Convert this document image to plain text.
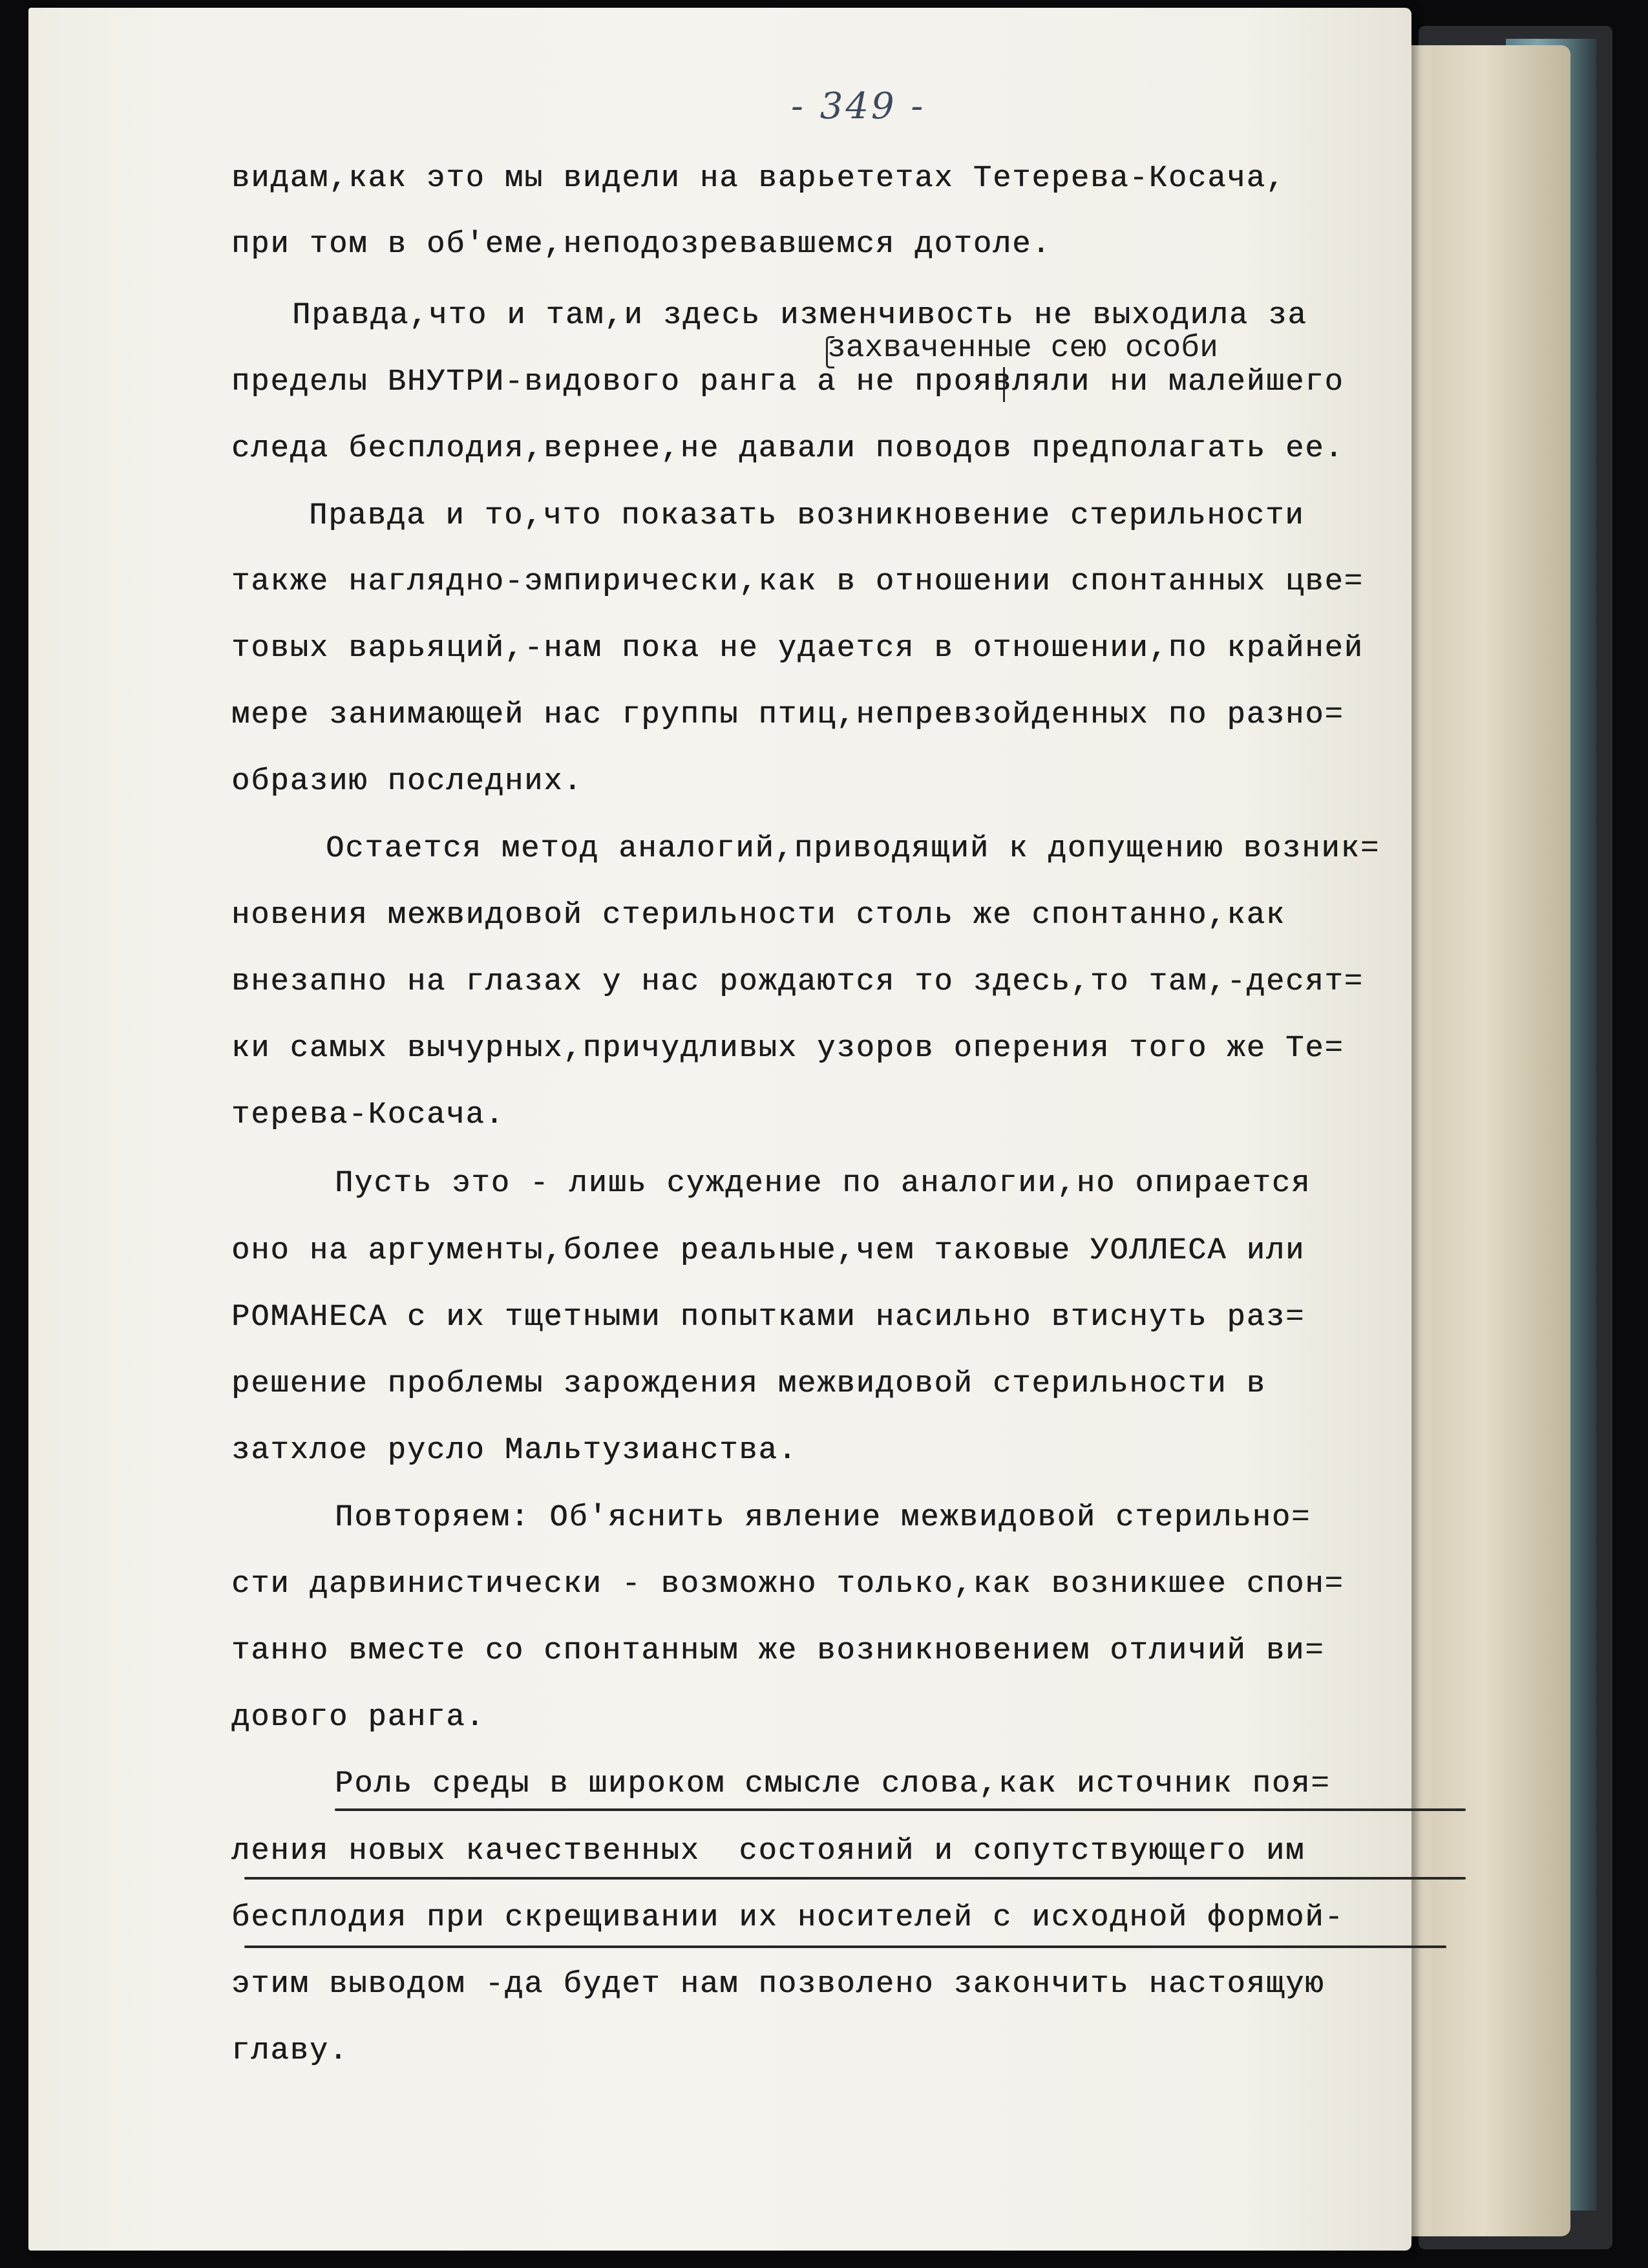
- 349 -
захваченные сею особи
видам,как это мы видели на варьететах Тетерева-Косача,
при том в об'еме,неподозревавшемся дотоле.
Правда,что и там,и здесь изменчивость не выходила за
пределы ВНУТРИ-видового ранга а не проявляли ни малейшего
следа бесплодия,вернее,не давали поводов предполагать ее.
Правда и то,что показать возникновение стерильности
также наглядно-эмпирически,как в отношении спонтанных цве=
товых варьяций,-нам пока не удается в отношении,по крайней
мере занимающей нас группы птиц,непревзойденных по разно=
образию последних.
Остается метод аналогий,приводящий к допущению возник=
новения межвидовой стерильности столь же спонтанно,как
внезапно на глазах у нас рождаются то здесь,то там,-десят=
ки самых вычурных,причудливых узоров оперения того же Те=
терева-Косача.
Пусть это - лишь суждение по аналогии,но опирается
оно на аргументы,более реальные,чем таковые УОЛЛЕСА или
РОМАНЕСА с их тщетными попытками насильно втиснуть раз=
решение проблемы зарождения межвидовой стерильности в
затхлое русло Мальтузианства.
Повторяем: Об'яснить явление межвидовой стерильно=
сти дарвинистически - возможно только,как возникшее спон=
танно вместе со спонтанным же возникновением отличий ви=
дового ранга.
Роль среды в широком смысле слова,как источник поя=
ления новых качественных  состояний и сопутствующего им
бесплодия при скрещивании их носителей с исходной формой-
этим выводом -да будет нам позволено закончить настоящую
главу.
